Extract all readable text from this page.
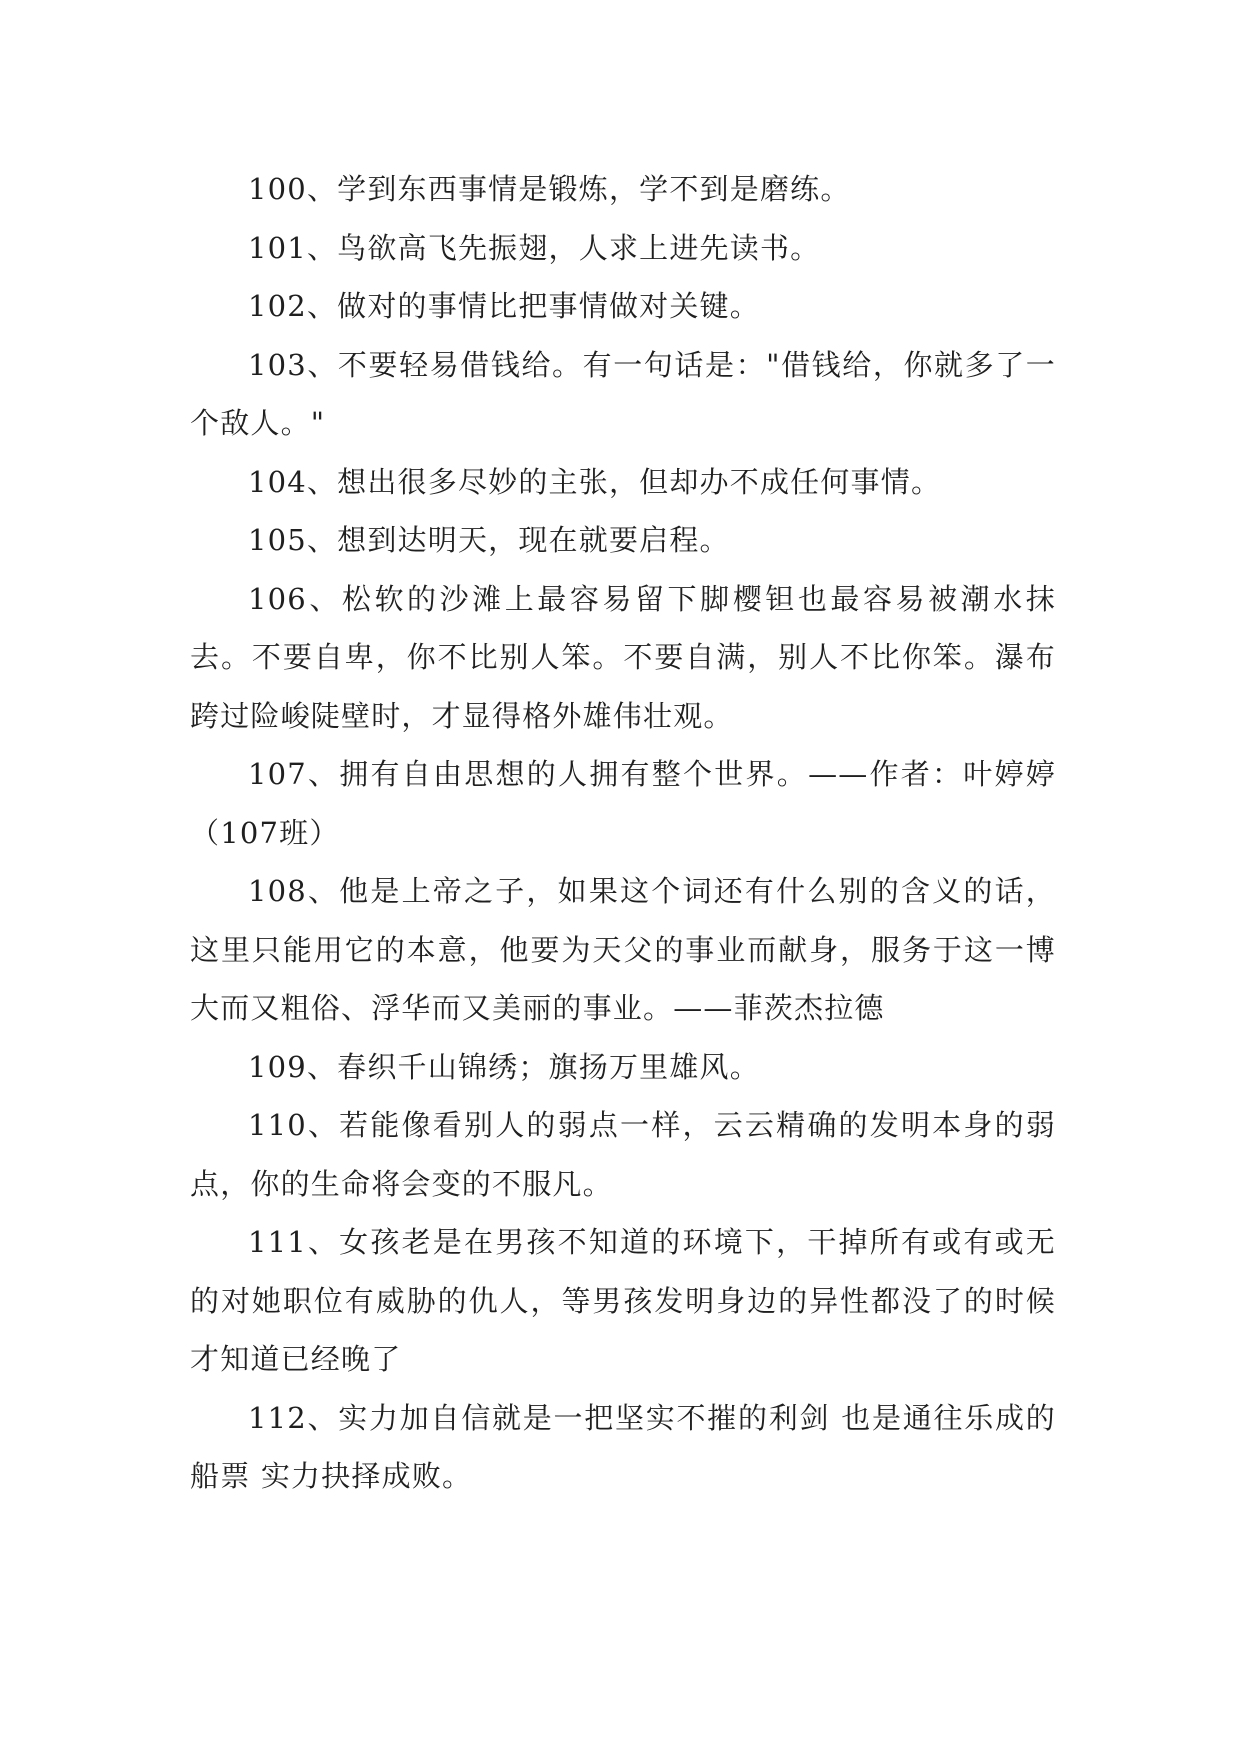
100、学到东西事情是锻炼，学不到是磨练。

101、鸟欲高飞先振翅，人求上进先读书。

102、做对的事情比把事情做对关键。

103、不要轻易借钱给。有一句话是："借钱给，你就多了一个敌人。"

104、想出很多尽妙的主张，但却办不成任何事情。

105、想到达明天，现在就要启程。

106、松软的沙滩上最容易留下脚樱钽也最容易被潮水抹去。不要自卑，你不比别人笨。不要自满，别人不比你笨。瀑布跨过险峻陡壁时，才显得格外雄伟壮观。

107、拥有自由思想的人拥有整个世界。——作者：叶婷婷（107班）

108、他是上帝之子，如果这个词还有什么别的含义的话，这里只能用它的本意，他要为天父的事业而献身，服务于这一博大而又粗俗、浮华而又美丽的事业。——菲茨杰拉德

109、春织千山锦绣；旗扬万里雄风。

110、若能像看别人的弱点一样，云云精确的发明本身的弱点，你的生命将会变的不服凡。

111、女孩老是在男孩不知道的环境下，干掉所有或有或无的对她职位有威胁的仇人，等男孩发明身边的异性都没了的时候才知道已经晚了

112、实力加自信就是一把坚实不摧的利剑 也是通往乐成的船票 实力抉择成败。
